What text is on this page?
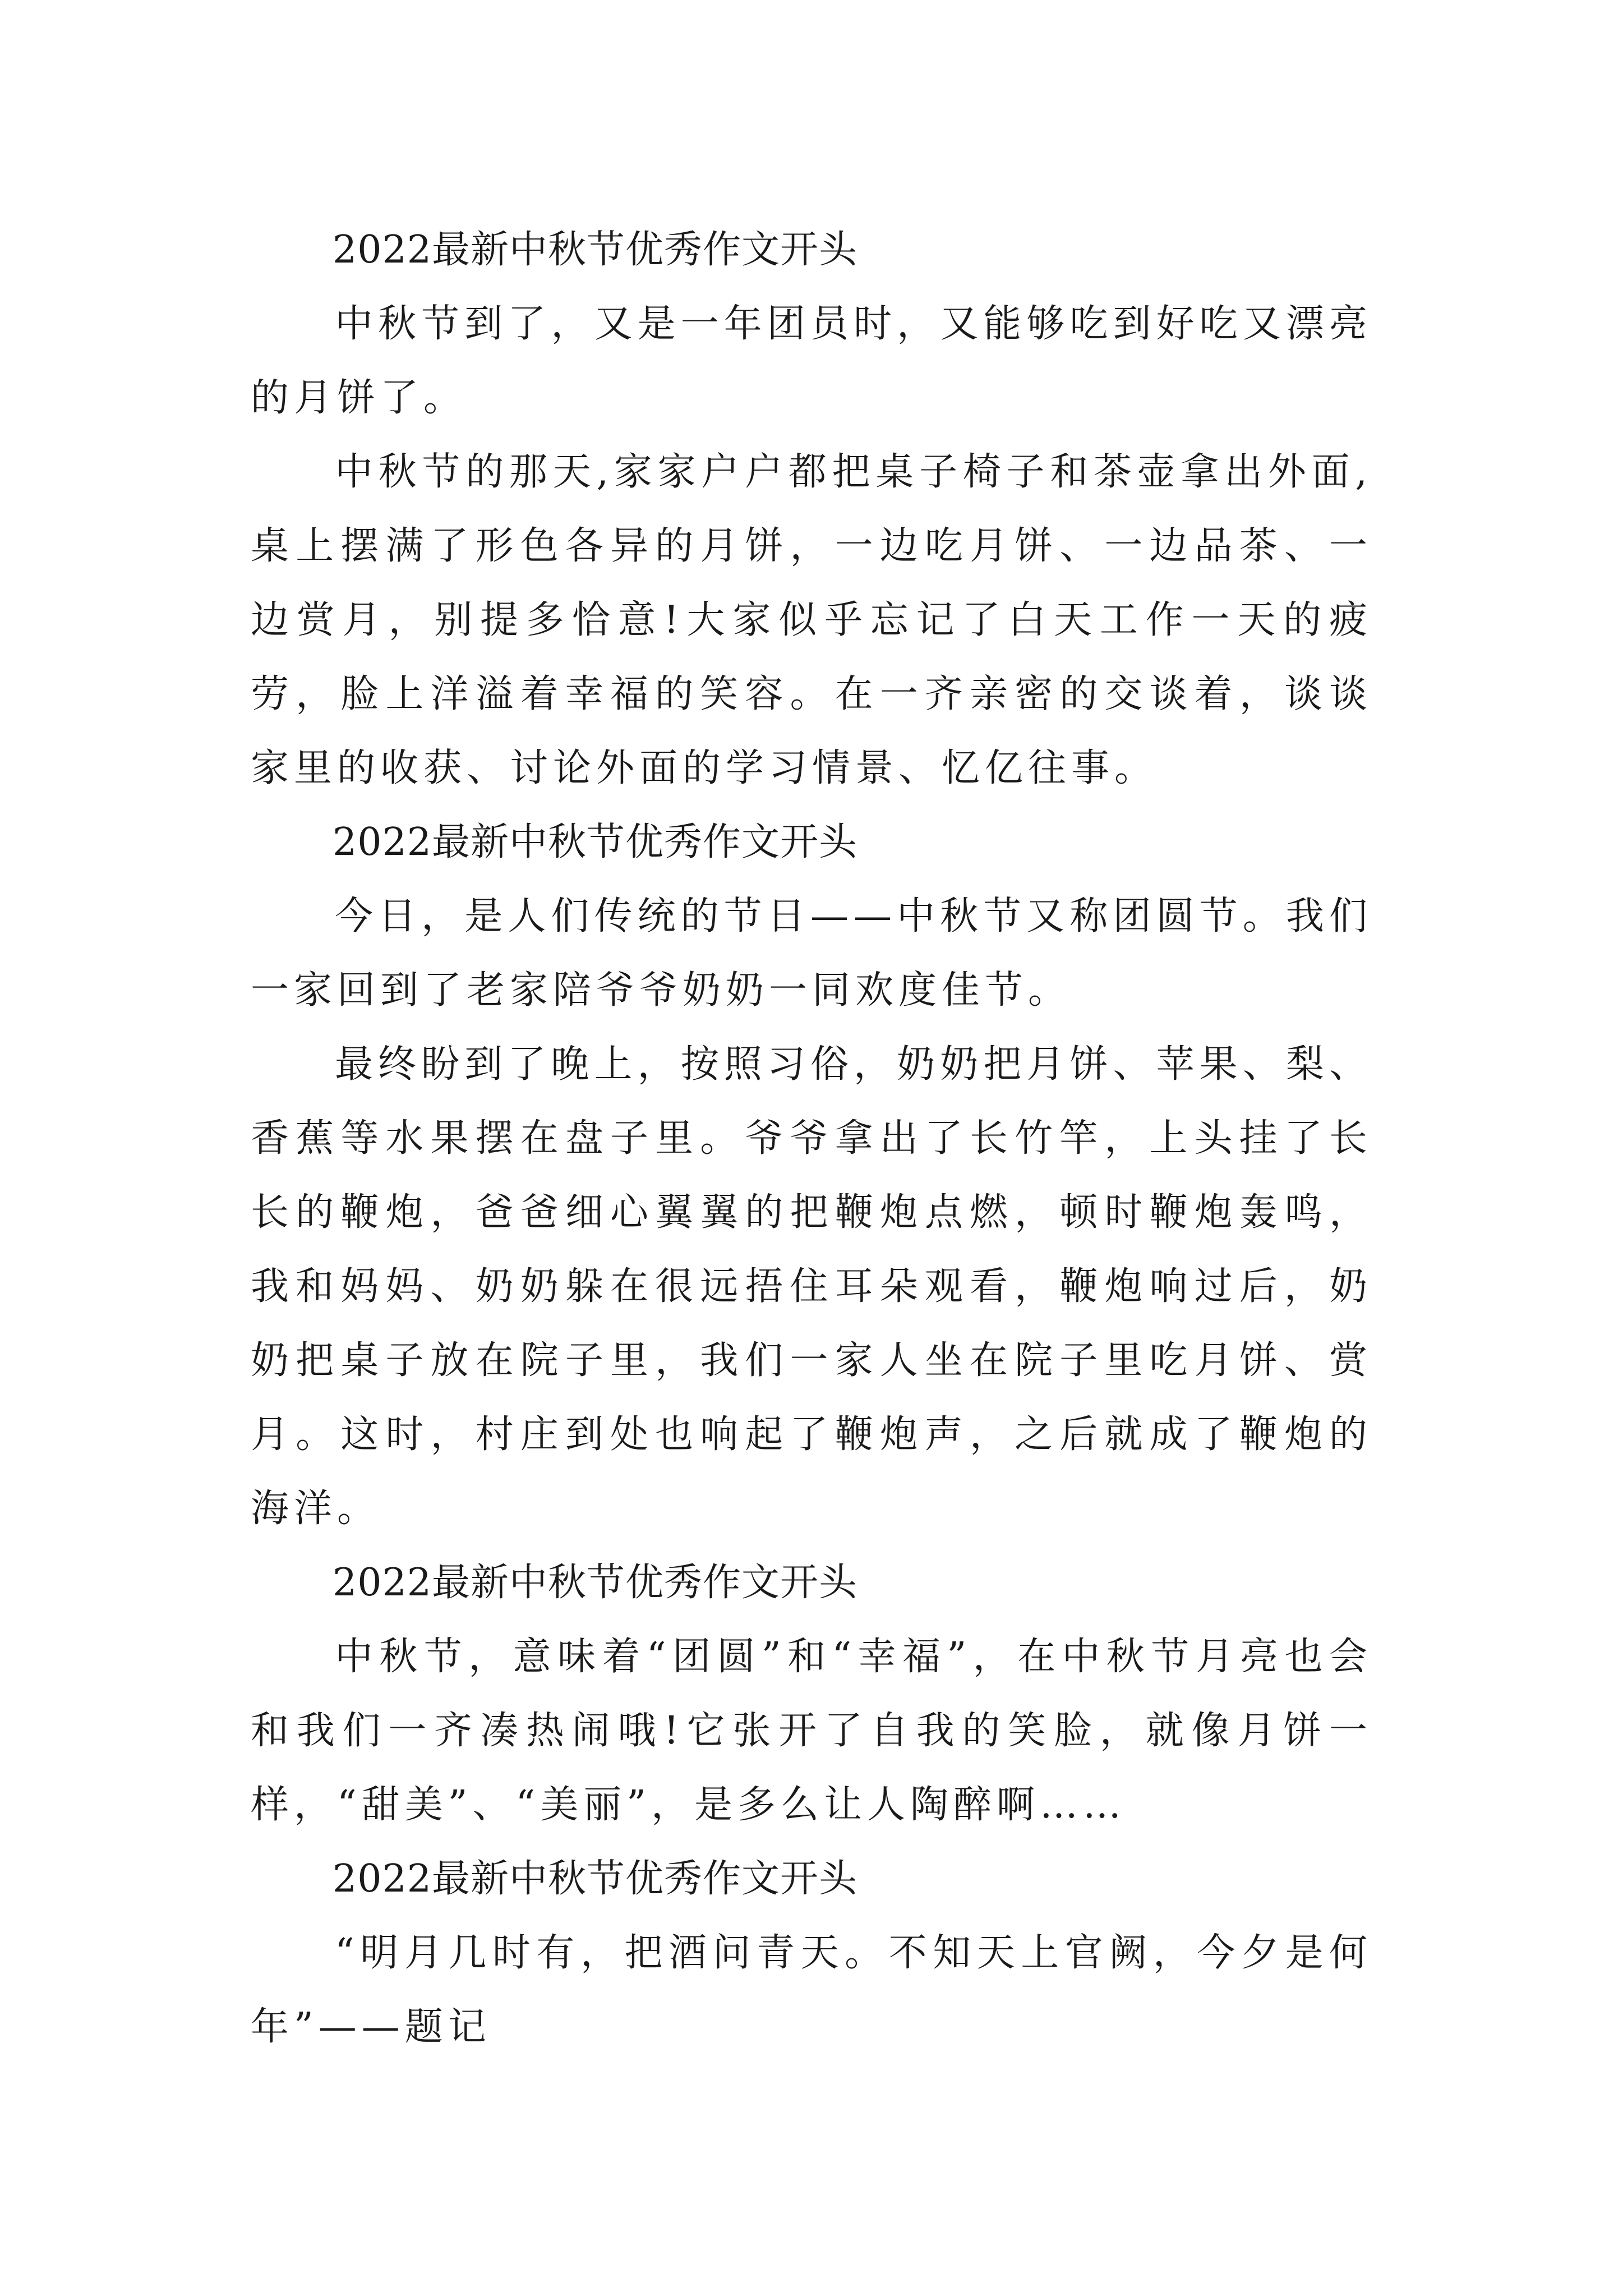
2022最新中秋节优秀作文开头

中秋节到了，又是一年团员时，又能够吃到好吃又漂亮的月饼了。

中秋节的那天,家家户户都把桌子椅子和茶壶拿出外面,桌上摆满了形色各异的月饼，一边吃月饼、一边品茶、一边赏月，别提多恰意!大家似乎忘记了白天工作一天的疲劳，脸上洋溢着幸福的笑容。在一齐亲密的交谈着，谈谈家里的收获、讨论外面的学习情景、忆亿往事。

2022最新中秋节优秀作文开头

今日，是人们传统的节日——中秋节又称团圆节。我们一家回到了老家陪爷爷奶奶一同欢度佳节。

最终盼到了晚上，按照习俗，奶奶把月饼、苹果、梨、香蕉等水果摆在盘子里。爷爷拿出了长竹竿，上头挂了长长的鞭炮，爸爸细心翼翼的把鞭炮点燃，顿时鞭炮轰鸣，我和妈妈、奶奶躲在很远捂住耳朵观看，鞭炮响过后，奶奶把桌子放在院子里，我们一家人坐在院子里吃月饼、赏月。这时，村庄到处也响起了鞭炮声，之后就成了鞭炮的海洋。

2022最新中秋节优秀作文开头

中秋节，意味着“团圆”和“幸福”，在中秋节月亮也会和我们一齐凑热闹哦!它张开了自我的笑脸，就像月饼一样，“甜美”、“美丽”，是多么让人陶醉啊……

2022最新中秋节优秀作文开头

“明月几时有，把酒问青天。不知天上官阙，今夕是何年”——题记
